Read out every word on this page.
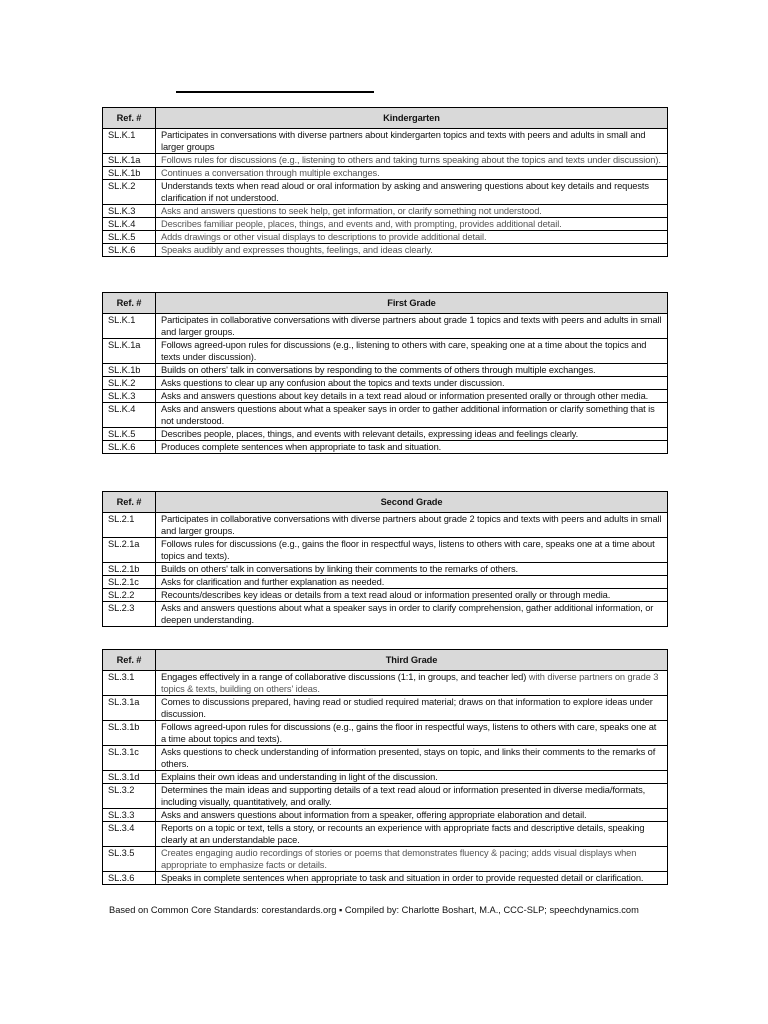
Ref. #	Kindergarten
SL.K.1	Participates in conversations with diverse partners about kindergarten topics and texts with peers and adults in small and larger groups
SL.K.1a	Follows rules for discussions (e.g., listening to others and taking turns speaking about the topics and texts under discussion).
SL.K.1b	Continues a conversation through multiple exchanges.
SL.K.2	Understands texts when read aloud or oral information by asking and answering questions about key details and requests clarification if not understood.
SL.K.3	Asks and answers questions to seek help, get information, or clarify something not understood.
SL.K.4	Describes familiar people, places, things, and events and, with prompting, provides additional detail.
SL.K.5	Adds drawings or other visual displays to descriptions to provide additional detail.
SL.K.6	Speaks audibly and expresses thoughts, feelings, and ideas clearly.
Ref. #	First Grade
SL.K.1	Participates in collaborative conversations with diverse partners about grade 1 topics and texts with peers and adults in small and larger groups.
SL.K.1a	Follows agreed-upon rules for discussions (e.g., listening to others with care, speaking one at a time about the topics and texts under discussion).
SL.K.1b	Builds on others' talk in conversations by responding to the comments of others through multiple exchanges.
SL.K.2	Asks questions to clear up any confusion about the topics and texts under discussion.
SL.K.3	Asks and answers questions about key details in a text read aloud or information presented orally or through other media.
SL.K.4	Asks and answers questions about what a speaker says in order to gather additional information or clarify something that is not understood.
SL.K.5	Describes people, places, things, and events with relevant details, expressing ideas and feelings clearly.
SL.K.6	Produces complete sentences when appropriate to task and situation.
Ref. #	Second Grade
SL.2.1	Participates in collaborative conversations with diverse partners about grade 2 topics and texts with peers and adults in small and larger groups.
SL.2.1a	Follows rules for discussions (e.g., gains the floor in respectful ways, listens to others with care, speaks one at a time about topics and texts).
SL.2.1b	Builds on others' talk in conversations by linking their comments to the remarks of others.
SL.2.1c	Asks for clarification and further explanation as needed.
SL.2.2	Recounts/describes key ideas or details from a text read aloud or information presented orally or through media.
SL.2.3	Asks and answers questions about what a speaker says in order to clarify comprehension, gather additional information, or deepen understanding.
Ref. #	Third Grade
SL.3.1	Engages effectively in a range of collaborative discussions (1:1, in groups, and teacher led) with diverse partners on grade 3 topics & texts, building on others' ideas.
SL.3.1a	Comes to discussions prepared, having read or studied required material; draws on that information to explore ideas under discussion.
SL.3.1b	Follows agreed-upon rules for discussions (e.g., gains the floor in respectful ways, listens to others with care, speaks one at a time about topics and texts).
SL.3.1c	Asks questions to check understanding of information presented, stays on topic, and links their comments to the remarks of others.
SL.3.1d	Explains their own ideas and understanding in light of the discussion.
SL.3.2	Determines the main ideas and supporting details of a text read aloud or information presented in diverse media/formats, including visually, quantitatively, and orally.
SL.3.3	Asks and answers questions about information from a speaker, offering appropriate elaboration and detail.
SL.3.4	Reports on a topic or text, tells a story, or recounts an experience with appropriate facts and descriptive details, speaking clearly at an understandable pace.
SL.3.5	Creates engaging audio recordings of stories or poems that demonstrates fluency & pacing; adds visual displays when appropriate to emphasize facts or details.
SL.3.6	Speaks in complete sentences when appropriate to task and situation in order to provide requested detail or clarification.
Based on Common Core Standards: corestandards.org ▪ Compiled by: Charlotte Boshart, M.A., CCC-SLP; speechdynamics.com
